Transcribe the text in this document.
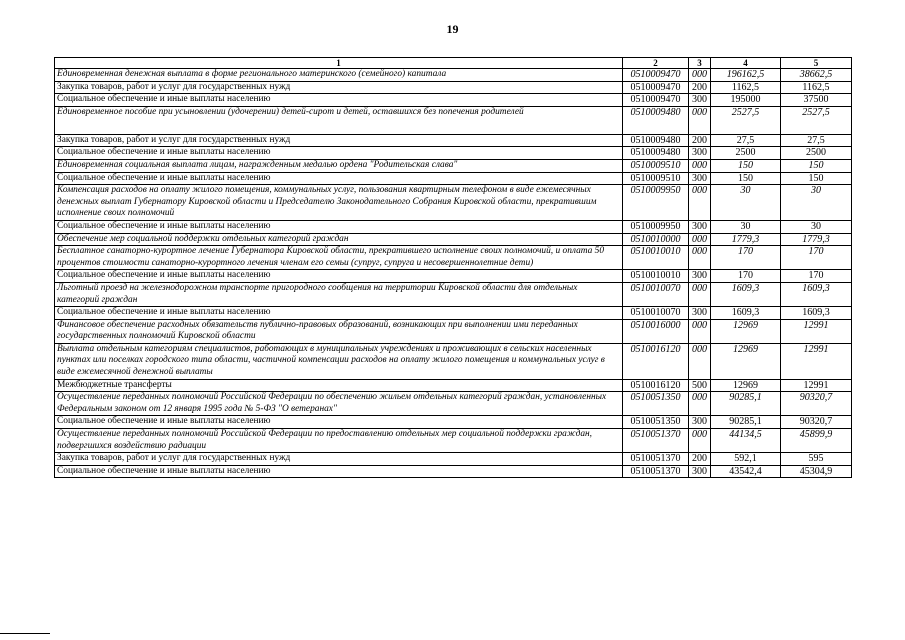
19
1	2	3	4	5
Единовременная денежная выплата в форме регионального материнского (семейного) капитала	0510009470	000	196162,5	38662,5
Закупка товаров, работ и услуг для государственных нужд	0510009470	200	1162,5	1162,5
Социальное обеспечение и иные выплаты населению	0510009470	300	195000	37500
Единовременное пособие при усыновлении (удочерении) детей-сирот и детей, оставшихся без попечения родителей	0510009480	000	2527,5	2527,5
Закупка товаров, работ и услуг для государственных нужд	0510009480	200	27,5	27,5
Социальное обеспечение и иные выплаты населению	0510009480	300	2500	2500
Единовременная социальная выплата лицам, награжденным медалью ордена "Родительская слава"	0510009510	000	150	150
Социальное обеспечение и иные выплаты населению	0510009510	300	150	150
Компенсация расходов на оплату жилого помещения, коммунальных услуг, пользования квартирным телефоном в виде ежемесячных денежных выплат Губернатору Кировской области и Председателю Законодательного Собрания Кировской области, прекратившим исполнение своих полномочий	0510009950	000	30	30
Социальное обеспечение и иные выплаты населению	0510009950	300	30	30
Обеспечение мер социальной поддержки отдельных категорий граждан	0510010000	000	1779,3	1779,3
Бесплатное санаторно-курортное лечение Губернатора Кировской области, прекратившего исполнение своих полномочий, и оплата 50 процентов стоимости санаторно-курортного лечения членам его семьи (супруг, супруга и несовершеннолетние дети)	0510010010	000	170	170
Социальное обеспечение и иные выплаты населению	0510010010	300	170	170
Льготный проезд на железнодорожном транспорте пригородного сообщения на территории Кировской области для отдельных категорий граждан	0510010070	000	1609,3	1609,3
Социальное обеспечение и иные выплаты населению	0510010070	300	1609,3	1609,3
Финансовое обеспечение расходных обязательств публично-правовых образований, возникающих при выполнении ими переданных государственных полномочий Кировской области	0510016000	000	12969	12991
Выплата отдельным категориям специалистов, работающих в муниципальных учреждениях и проживающих в сельских населенных пунктах или поселках городского типа области, частичной компенсации расходов на оплату жилого помещения и коммунальных услуг в виде ежемесячной денежной выплаты	0510016120	000	12969	12991
Межбюджетные трансферты	0510016120	500	12969	12991
Осуществление переданных полномочий Российской Федерации по обеспечению жильем отдельных категорий граждан, установленных Федеральным законом от 12 января 1995 года № 5-ФЗ "О ветеранах"	0510051350	000	90285,1	90320,7
Социальное обеспечение и иные выплаты населению	0510051350	300	90285,1	90320,7
Осуществление переданных полномочий Российской Федерации по предоставлению отдельных мер социальной поддержки граждан, подвергшихся воздействию радиации	0510051370	000	44134,5	45899,9
Закупка товаров, работ и услуг для государственных нужд	0510051370	200	592,1	595
Социальное обеспечение и иные выплаты населению	0510051370	300	43542,4	45304,9
